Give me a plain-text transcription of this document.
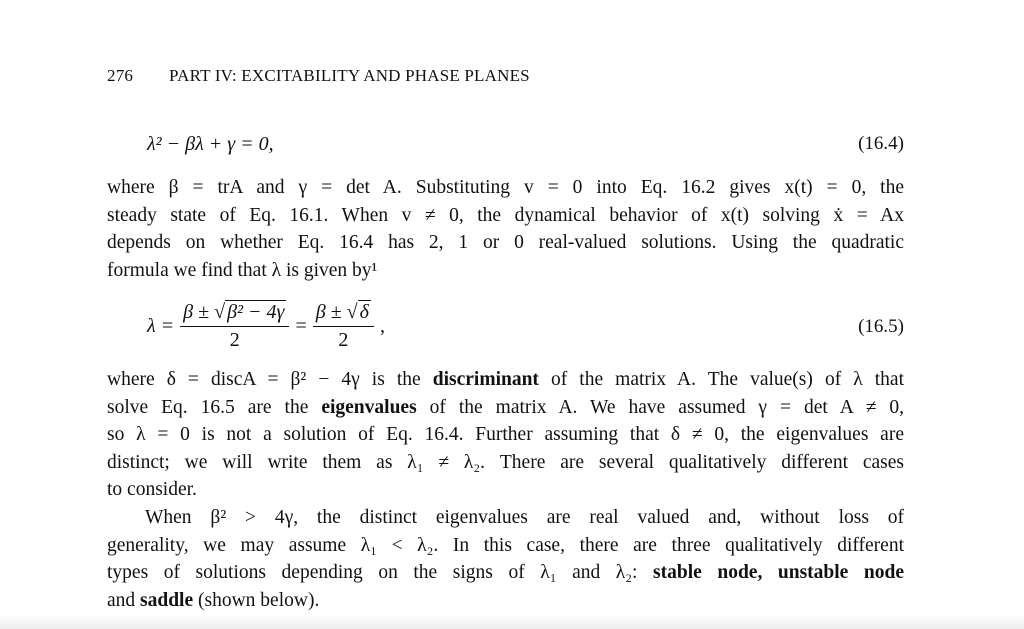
276 PART IV: EXCITABILITY AND PHASE PLANES
λ² − βλ + γ = 0,	(16.4)

where β = trA and γ = det A. Substituting v = 0 into Eq. 16.2 gives x(t) = 0, the
steady state of Eq. 16.1. When v ≠ 0, the dynamical behavior of x(t) solving ẋ = Ax
depends on whether Eq. 16.4 has 2, 1 or 0 real-valued solutions. Using the quadratic
formula we find that λ is given by¹

$\lambda = \frac{\text{β ± √ β² − 4γ}}{2} = \frac{\beta \pm √ \delta}{2}$ ,	(16.5)

where δ = discA = β² − 4γ is the discriminant of the matrix A. The value(s) of λ that
solve Eq. 16.5 are the eigenvalues of the matrix A. We have assumed γ = det A ≠ 0,
so λ = 0 is not a solution of Eq. 16.4. Further assuming that δ ≠ 0, the eigenvalues are
distinct; we will write them as λ₁ ≠ λ₂. There are several qualitatively different cases
to consider.

When β² > 4γ, the distinct eigenvalues are real valued and, without loss of
generality, we may assume λ₁ < λ₂. In this case, there are three qualitatively different
types of solutions depending on the signs of λ₁ and λ₂: stable node, unstable node
and saddle (shown below).
